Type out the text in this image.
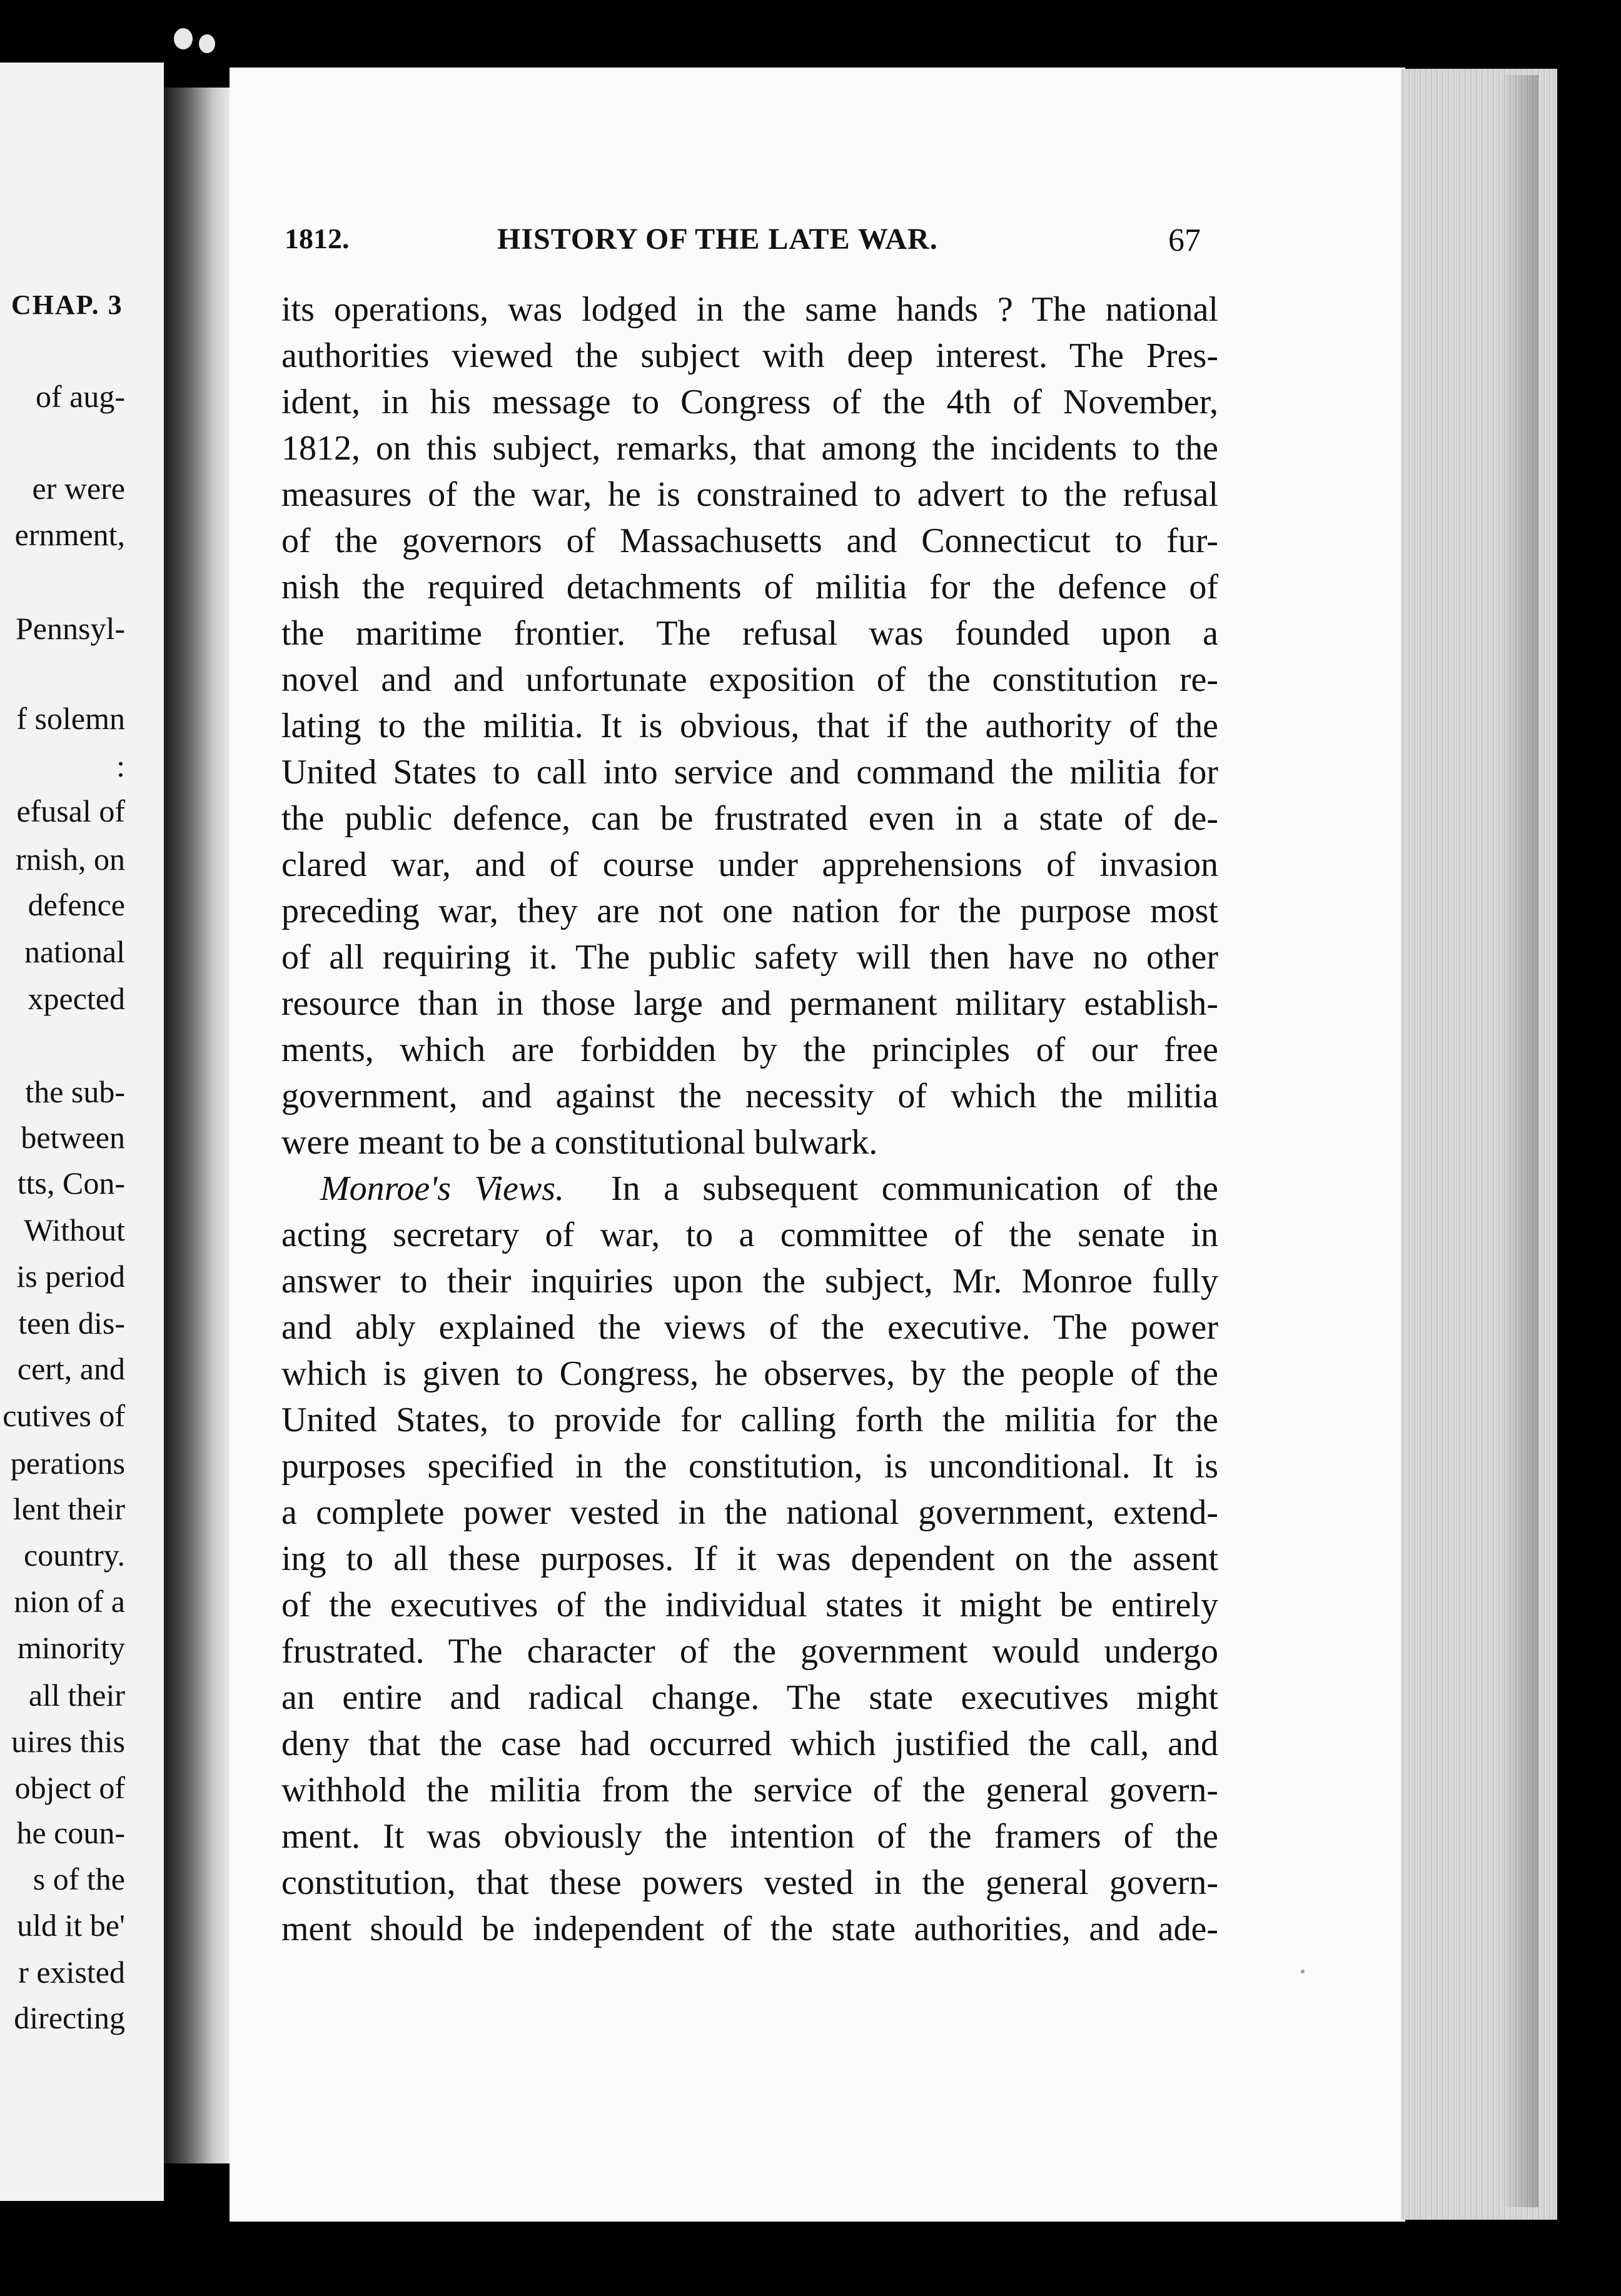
CHAP. 3
of aug-
er were
ernment,
Pennsyl-
f solemn
:
efusal of
rnish, on
defence
national
xpected
the sub-
between
tts, Con-
Without
is period
teen dis-
cert, and
cutives of
perations
lent their
country.
nion of a
minority
all their
uires this
object of
he coun-
s of the
uld it be'
r existed
directing
1812.	HISTORY OF THE LATE WAR.	67
its operations, was lodged in the same hands ? The national
authorities viewed the subject with deep interest. The Pres-
ident, in his message to Congress of the 4th of November,
1812, on this subject, remarks, that among the incidents to the
measures of the war, he is constrained to advert to the refusal
of the governors of Massachusetts and Connecticut to fur-
nish the required detachments of militia for the defence of
the maritime frontier. The refusal was founded upon a
novel and and unfortunate exposition of the constitution re-
lating to the militia. It is obvious, that if the authority of the
United States to call into service and command the militia for
the public defence, can be frustrated even in a state of de-
clared war, and of course under apprehensions of invasion
preceding war, they are not one nation for the purpose most
of all requiring it. The public safety will then have no other
resource than in those large and permanent military establish-
ments, which are forbidden by the principles of our free
government, and against the necessity of which the militia
were meant to be a constitutional bulwark.
Monroe's Views. In a subsequent communication of the
acting secretary of war, to a committee of the senate in
answer to their inquiries upon the subject, Mr. Monroe fully
and ably explained the views of the executive. The power
which is given to Congress, he observes, by the people of the
United States, to provide for calling forth the militia for the
purposes specified in the constitution, is unconditional. It is
a complete power vested in the national government, extend-
ing to all these purposes. If it was dependent on the assent
of the executives of the individual states it might be entirely
frustrated. The character of the government would undergo
an entire and radical change. The state executives might
deny that the case had occurred which justified the call, and
withhold the militia from the service of the general govern-
ment. It was obviously the intention of the framers of the
constitution, that these powers vested in the general govern-
ment should be independent of the state authorities, and ade-
